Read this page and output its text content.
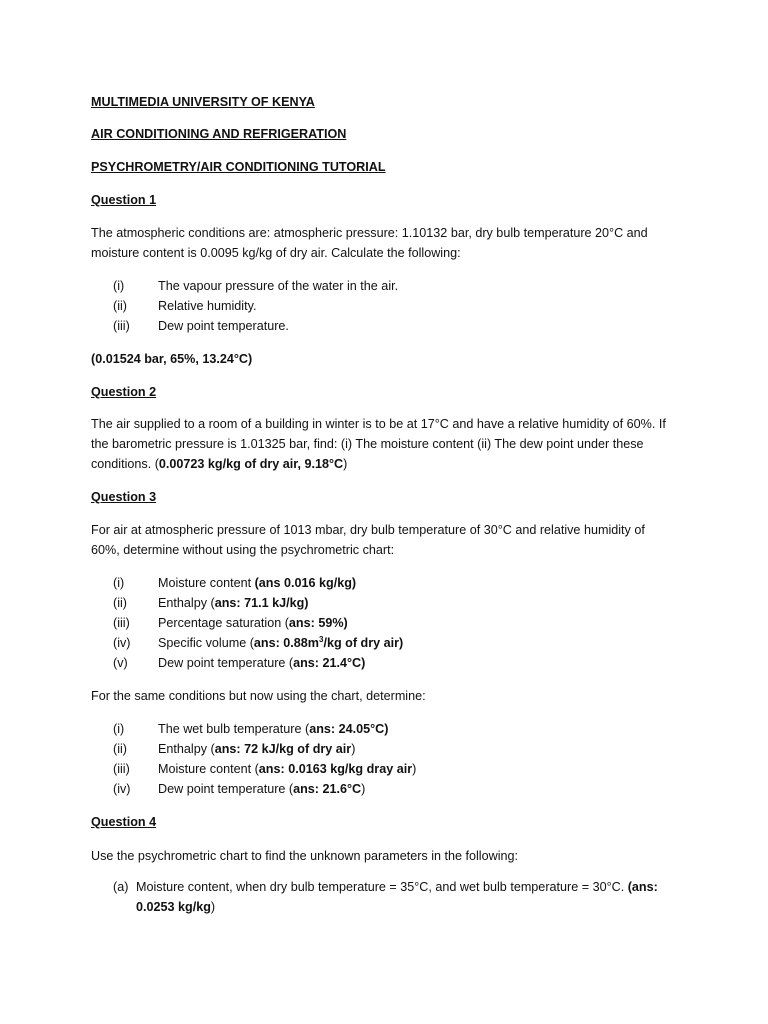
MULTIMEDIA UNIVERSITY OF KENYA
AIR CONDITIONING AND REFRIGERATION
PSYCHROMETRY/AIR CONDITIONING TUTORIAL
Question 1
The atmospheric conditions are: atmospheric pressure: 1.10132 bar, dry bulb temperature 20°C and
moisture content is 0.0095 kg/kg of dry air. Calculate the following:
(i)	The vapour pressure of the water in the air.
(ii) Relative humidity.
(iii) Dew point temperature.
(0.01524 bar, 65%, 13.24°C)
Question 2
The air supplied to a room of a building in winter is to be at 17°C and have a relative humidity of 60%. If
the barometric pressure is 1.01325 bar, find: (i) The moisture content (ii) The dew point under these
conditions. (0.00723 kg/kg of dry air, 9.18°C)
Question 3
For air at atmospheric pressure of 1013 mbar, dry bulb temperature of 30°C and relative humidity of
60%, determine without using the psychrometric chart:
(i)	Moisture content (ans 0.016 kg/kg)
(ii) Enthalpy (ans: 71.1 kJ/kg)
(iii) Percentage saturation (ans: 59%)
(iv) Specific volume (ans: $0.88m^3/kg$ of dry air)
(v) Dew point temperature (ans: 21.4°C)
For the same conditions but now using the chart, determine:
(i)	The wet bulb temperature (ans: 24.05°C)
(ii) Enthalpy (ans: 72 kJ/kg of dry air)
(iii) Moisture content (ans: 0.0163 kg/kg dray air)
(iv) Dew point temperature (ans: 21.6°C)
Question 4
Use the psychrometric chart to find the unknown parameters in the following:
(a) Moisture content, when dry bulb temperature = 35°C, and wet bulb temperature = 30°C. (ans:
0.0253 kg/kg)
